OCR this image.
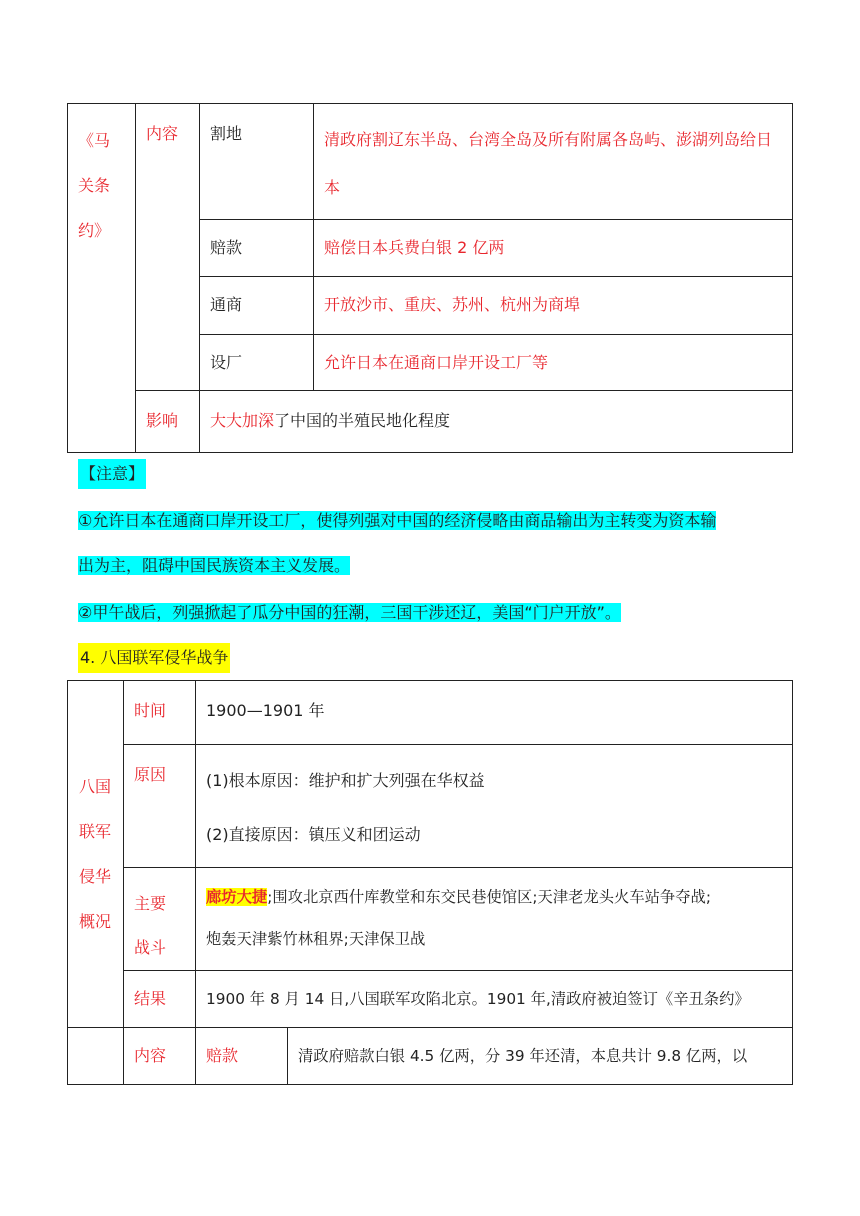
《马关条约》	内容	割地	清政府割辽东半岛、台湾全岛及所有附属各岛屿、澎湖列岛给日本

		赔款	赔偿日本兵费白银 2 亿两

		通商	开放沙市、重庆、苏州、杭州为商埠

		设厂	允许日本在通商口岸开设工厂等

	影响	大大加深了中国的半殖民地化程度	
【注意】
①允许日本在通商口岸开设工厂，使得列强对中国的经济侵略由商品输出为主转变为资本输
出为主，阻碍中国民族资本主义发展。
②甲午战后，列强掀起了瓜分中国的狂潮，三国干涉还辽，美国“门户开放”。
4. 八国联军侵华战争
八国联军侵华概况	时间	1900—1901 年	

	原因	(1)根本原因：维护和扩大列强在华权益
(2)直接原因：镇压义和团运动	

	主要战斗	廊坊大捷;围攻北京西什库教堂和东交民巷使馆区;天津老龙头火车站争夺战;
炮轰天津紫竹林租界;天津保卫战	

	结果	1900 年 8 月 14 日,八国联军攻陷北京。1901 年,清政府被迫签订《辛丑条约》	

	内容	赔款	清政府赔款白银 4.5 亿两，分 39 年还清，本息共计 9.8 亿两，以
